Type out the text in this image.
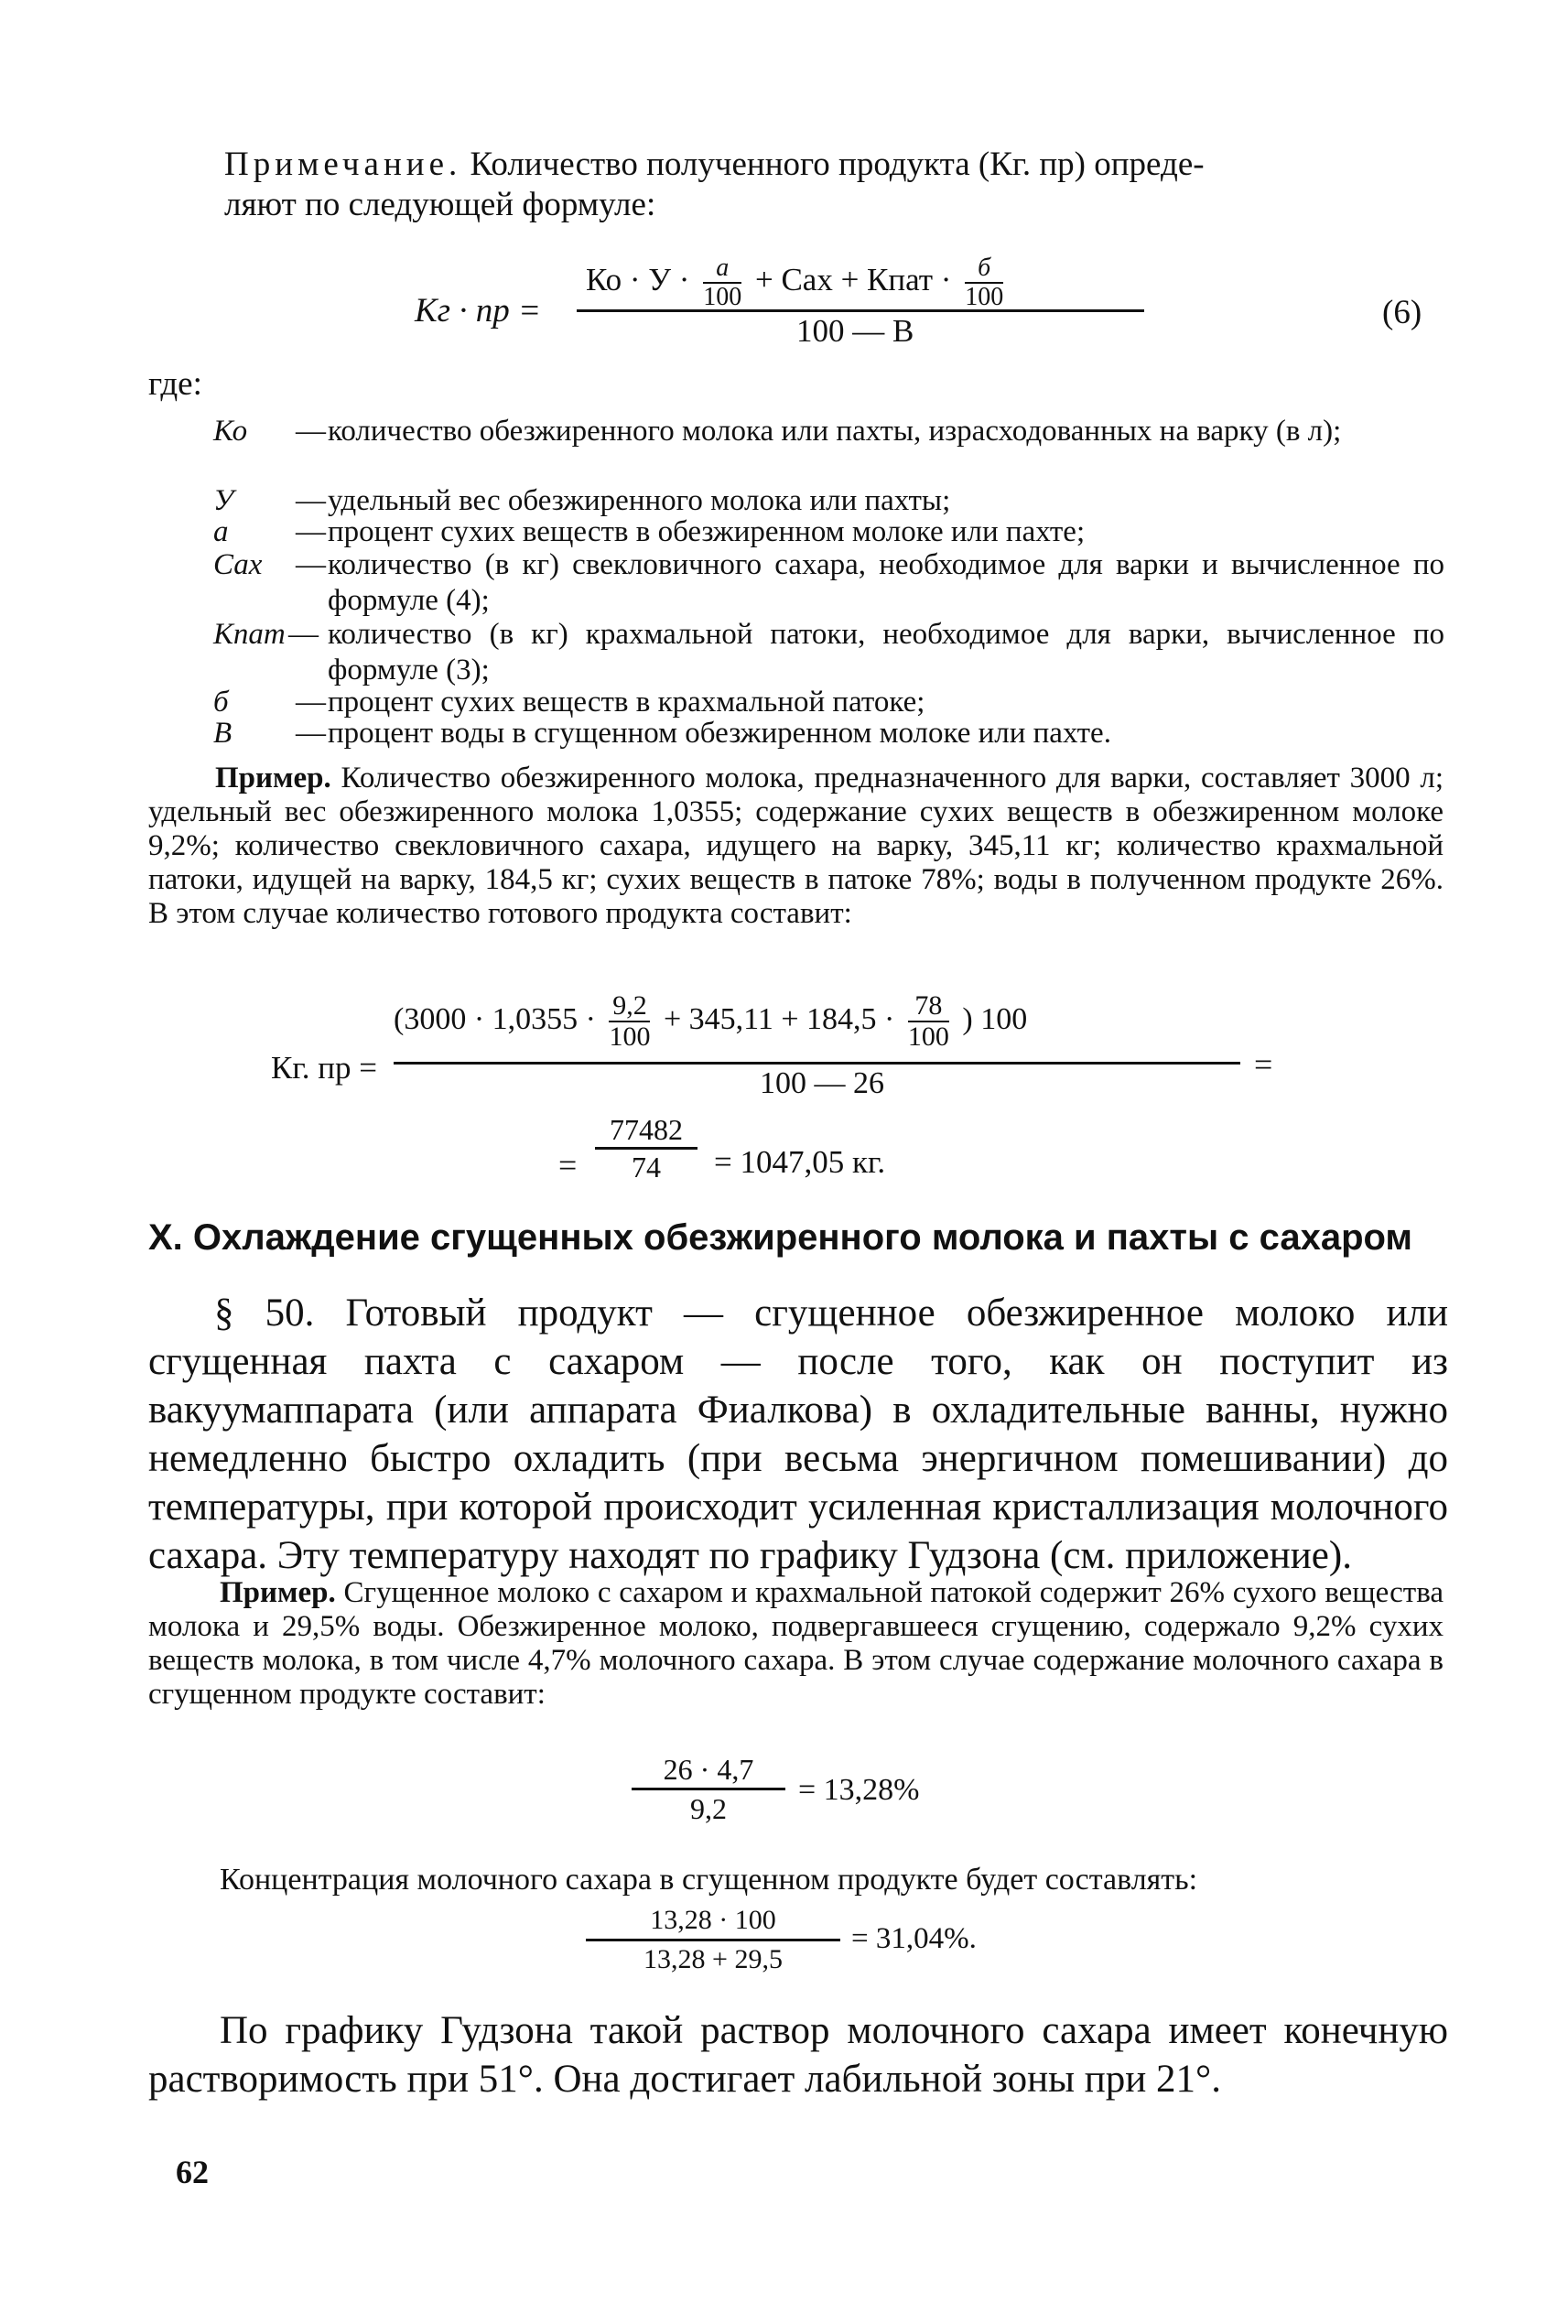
Примечание. Количество полученного продукта (Кг. пр) опреде-
ляют по следующей формуле:
Кг · пр =
Ко · $У \cdot \frac{a}{100}$ + Сах + Кпат · $\frac{б}{100}$
100 — В	(6)
где:
Ко — количество обезжиренного молока или пахты, израсходованных на варку (в л);
У — удельный вес обезжиренного молока или пахты;
а — процент сухих веществ в обезжиренном молоке или пахте;
Сах — количество (в кг) свекловичного сахара, необходимое для варки и вычисленное по формуле (4);
Кпат — количество (в кг) крахмальной патоки, необходимое для варки, вычисленное по формуле (3);
б — процент сухих веществ в крахмальной патоке;
В — процент воды в сгущенном обезжиренном молоке или пахте.
Пример. Количество обезжиренного молока, предназначенного для варки, составляет 3000 л; удельный вес обезжиренного молока 1,0355; содержание сухих веществ в обезжиренном молоке 9,2%; количество свекловичного сахара, идущего на варку, 345,11 кг; количество крахмальной патоки, идущей на варку, 184,5 кг; сухих веществ в патоке 78%; воды в полученном продукте 26%. В этом случае количество готового продукта составит:
Кг. пр =
($3000 \cdot 1,0355 \cdot \frac{9,2}{100} + 345,11 + 184,5 \cdot \frac{78}{100}$ ) 100
100 — 26
=
=
77482
74	= 1047,05 кг.
X. Охлаждение сгущенных обезжиренного молока и пахты с сахаром
§ 50. Готовый продукт — сгущенное обезжиренное молоко или сгущенная пахта с сахаром — после того, как он поступит из вакуумаппарата (или аппарата Фиалкова) в охладительные ванны, нужно немедленно быстро охладить (при весьма энергичном помешивании) до температуры, при которой происходит усиленная кристаллизация молочного сахара. Эту температуру находят по графику Гудзона (см. приложение).
Пример. Сгущенное молоко с сахаром и крахмальной патокой содержит 26% сухого вещества молока и 29,5% воды. Обезжиренное молоко, подвергавшееся сгущению, содержало 9,2% сухих веществ молока, в том числе 4,7% молочного сахара. В этом случае содержание молочного сахара в сгущенном продукте составит:
26 · 4,7
9,2
= 13,28%
Концентрация молочного сахара в сгущенном продукте будет составлять:
13,28 · 100
13,28 + 29,5
= 31,04%.
По графику Гудзона такой раствор молочного сахара имеет конечную растворимость при 51°. Она достигает лабильной зоны при 21°.
62
